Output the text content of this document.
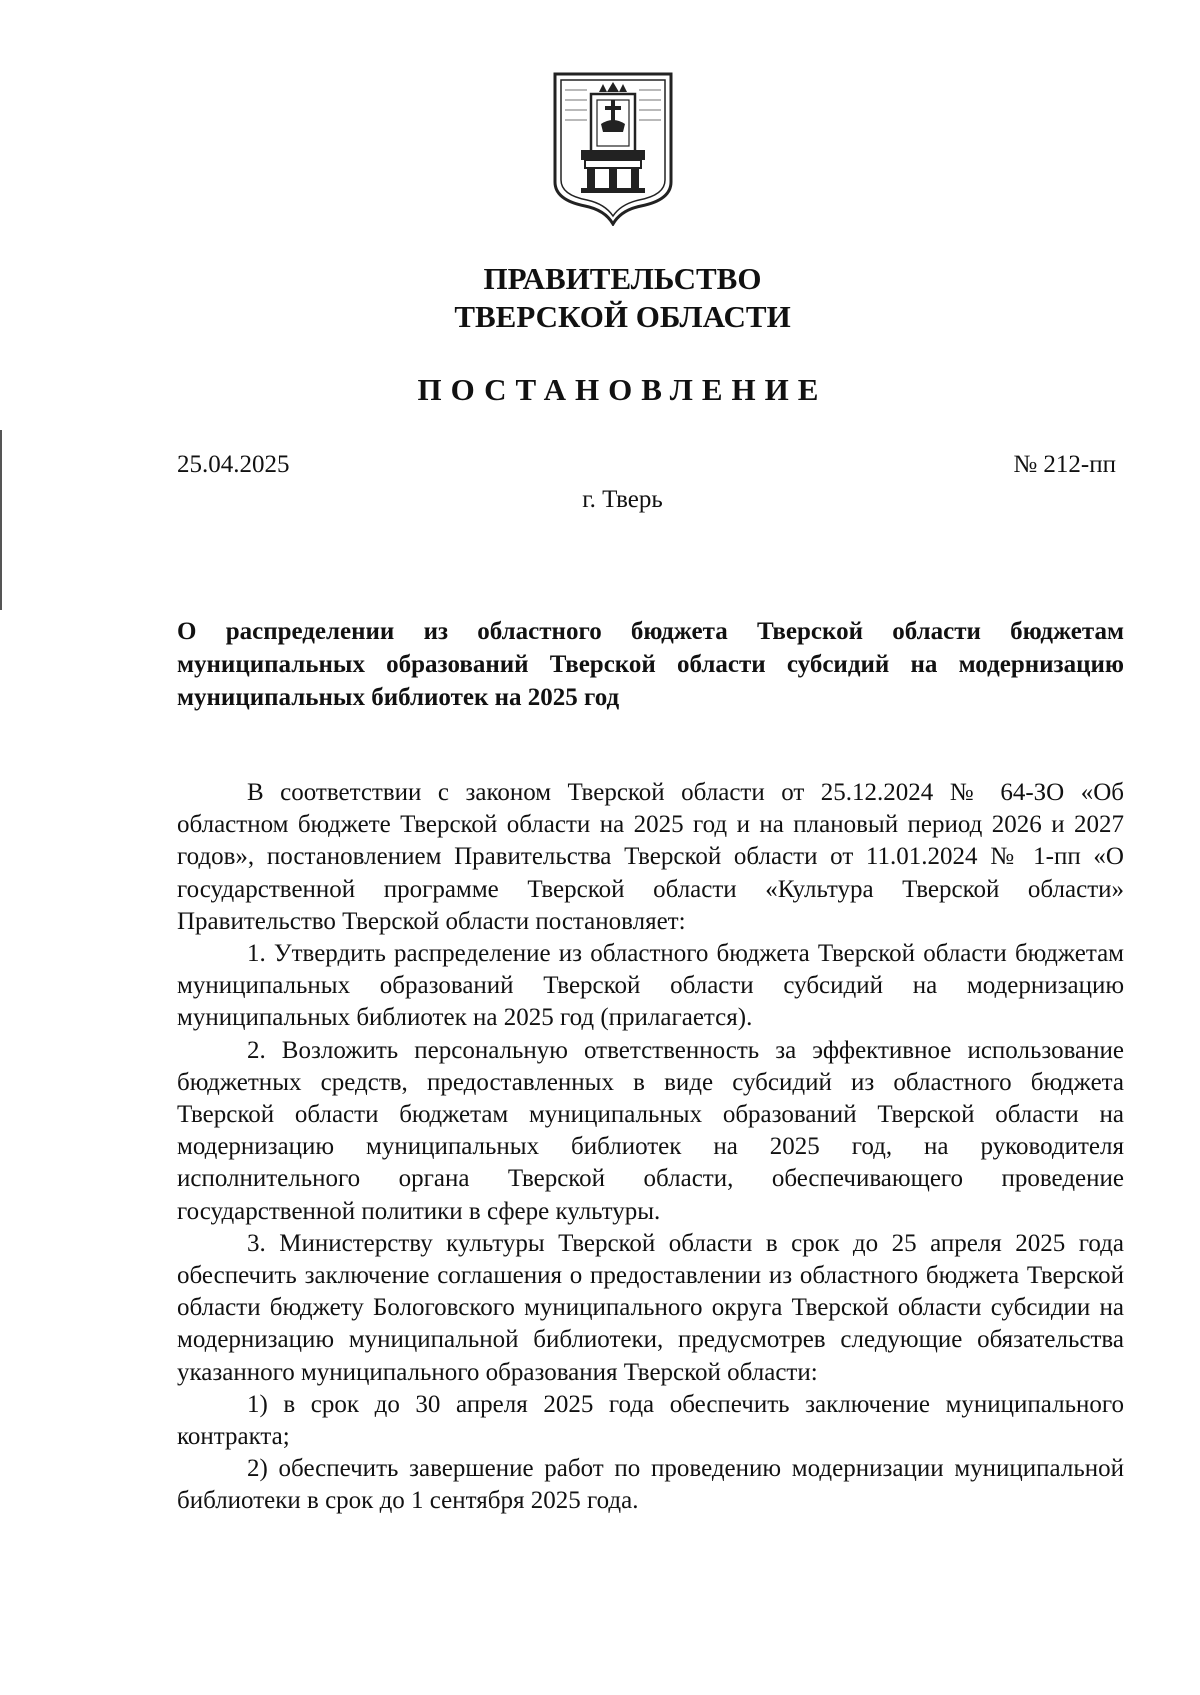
ПРАВИТЕЛЬСТВО
ТВЕРСКОЙ ОБЛАСТИ
ПОСТАНОВЛЕНИЕ
25.04.2025	№ 212-пп
г. Тверь
О распределении из областного бюджета Тверской области бюджетам муниципальных образований Тверской области субсидий на модернизацию муниципальных библиотек на 2025 год

В соответствии с законом Тверской области от 25.12.2024 № 64-ЗО «Об областном бюджете Тверской области на 2025 год и на плановый период 2026 и 2027 годов», постановлением Правительства Тверской области от 11.01.2024 № 1-пп «О государственной программе Тверской области «Культура Тверской области» Правительство Тверской области постановляет:

1. Утвердить распределение из областного бюджета Тверской области бюджетам муниципальных образований Тверской области субсидий на модернизацию муниципальных библиотек на 2025 год (прилагается).

2. Возложить персональную ответственность за эффективное использование бюджетных средств, предоставленных в виде субсидий из областного бюджета Тверской области бюджетам муниципальных образований Тверской области на модернизацию муниципальных библиотек на 2025 год, на руководителя исполнительного органа Тверской области, обеспечивающего проведение государственной политики в сфере культуры.

3. Министерству культуры Тверской области в срок до 25 апреля 2025 года обеспечить заключение соглашения о предоставлении из областного бюджета Тверской области бюджету Бологовского муниципального округа Тверской области субсидии на модернизацию муниципальной библиотеки, предусмотрев следующие обязательства указанного муниципального образования Тверской области:

1) в срок до 30 апреля 2025 года обеспечить заключение муниципального контракта;

2) обеспечить завершение работ по проведению модернизации муниципальной библиотеки в срок до 1 сентября 2025 года.
